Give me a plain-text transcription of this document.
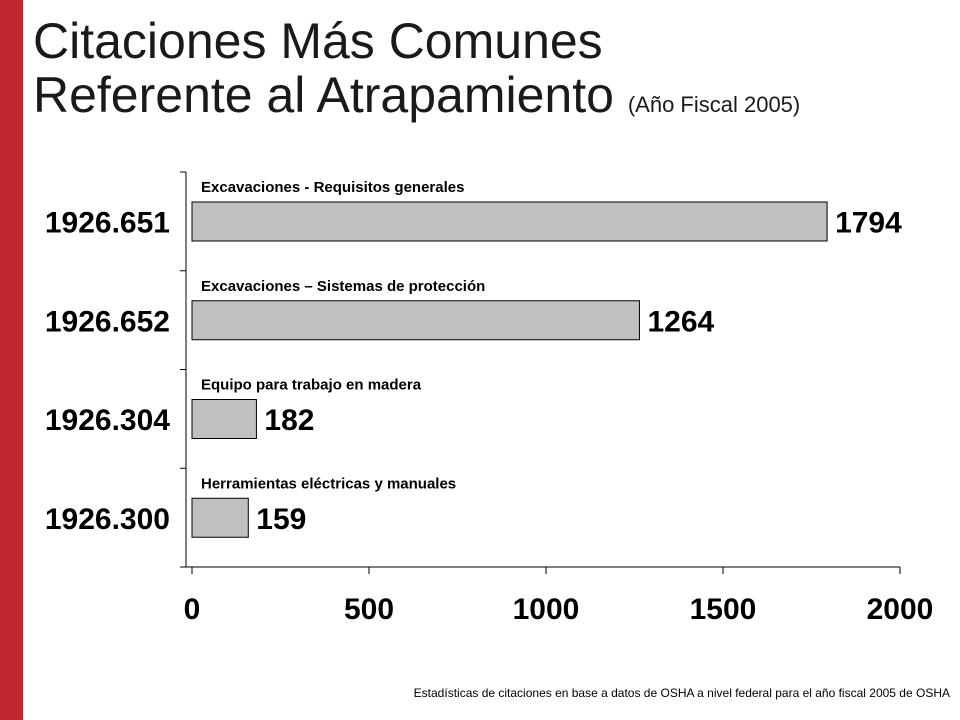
Citaciones Más Comunes
Referente al Atrapamiento (Año Fiscal 2005)
0	500	1000	1500	2000
Excavaciones - Requisitos generales
1926.651	1794
Excavaciones – Sistemas de protección
1926.652	1264
Equipo para trabajo en madera
1926.304	182
Herramientas eléctricas y manuales
1926.300	159
Estadísticas de citaciones en base a datos de OSHA a nivel federal para el año fiscal 2005 de OSHA
